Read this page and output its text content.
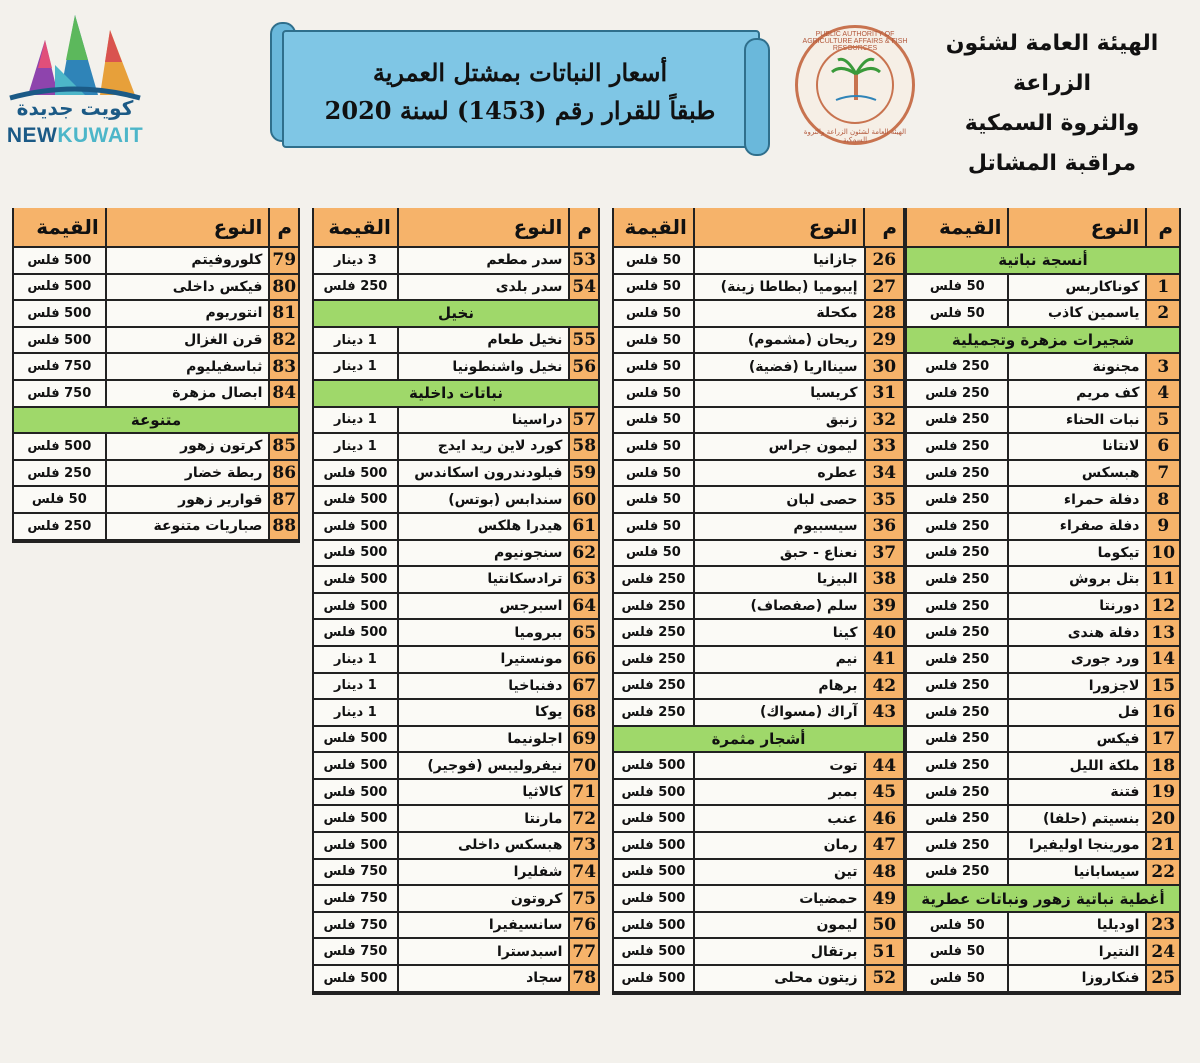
كويت جديدة
NEWKUWAIT
أسعار النباتات بمشتل العمرية
طبقاً للقرار رقم (1453) لسنة 2020
PUBLIC AUTHORITY OF AGRICULTURE AFFAIRS & FISH RESOURCES
الهيئة العامة لشئون الزراعة والثروة السمكية
الهيئة العامة لشئون الزراعة
والثروة السمكية
مراقبة المشاتل
م
النوع
القيمة
أنسجة نباتية
1
كوناكاربس
50 فلس
2
ياسمين كاذب
50 فلس
شجيرات مزهرة وتجميلية
3
مجنونة
250 فلس
4
كف مريم
250 فلس
5
نبات الحناء
250 فلس
6
لانتانا
250 فلس
7
هبسكس
250 فلس
8
دفلة حمراء
250 فلس
9
دفلة صفراء
250 فلس
10
تيكوما
250 فلس
11
بتل بروش
250 فلس
12
دورنتا
250 فلس
13
دفلة هندى
250 فلس
14
ورد جورى
250 فلس
15
لاجزورا
250 فلس
16
فل
250 فلس
17
فيكس
250 فلس
18
ملكة الليل
250 فلس
19
فتنة
250 فلس
20
بنسيتم (حلفا)
250 فلس
21
مورينجا اوليفيرا
250 فلس
22
سيسابانيا
250 فلس
أغطية نباتية زهور ونباتات عطرية
23
اوديليا
50 فلس
24
النتيرا
50 فلس
25
فنكاروزا
50 فلس
م
النوع
القيمة
26
جازانيا
50 فلس
27
إيبوميا (بطاطا زينة)
50 فلس
28
مكحلة
50 فلس
29
ريحان (مشموم)
50 فلس
30
سينااريا (فضية)
50 فلس
31
كريسيا
50 فلس
32
زنبق
50 فلس
33
ليمون جراس
50 فلس
34
عطره
50 فلس
35
حصى لبان
50 فلس
36
سيسبيوم
50 فلس
37
نعناع - حبق
50 فلس
38
البيزيا
250 فلس
39
سلم (صفصاف)
250 فلس
40
كينا
250 فلس
41
نيم
250 فلس
42
برهام
250 فلس
43
آراك (مسواك)
250 فلس
أشجار مثمرة
44
توت
500 فلس
45
بمبر
500 فلس
46
عنب
500 فلس
47
رمان
500 فلس
48
تين
500 فلس
49
حمضيات
500 فلس
50
ليمون
500 فلس
51
برتقال
500 فلس
52
زيتون محلى
500 فلس
م
النوع
القيمة
53
سدر مطعم
3 دينار
54
سدر بلدى
250 فلس
نخيل
55
نخيل طعام
1 دينار
56
نخيل واشنطونيا
1 دينار
نباتات داخلية
57
دراسينا
1 دينار
58
كورد لاين ريد ايدج
1 دينار
59
فيلودندرون اسكاندس
500 فلس
60
سندابس (بوتس)
500 فلس
61
هيدرا هلكس
500 فلس
62
سنجونيوم
500 فلس
63
ترادسكانتيا
500 فلس
64
اسبرجس
500 فلس
65
ببروميا
500 فلس
66
مونستيرا
1 دينار
67
دفنباخيا
1 دينار
68
يوكا
1 دينار
69
اجلونيما
500 فلس
70
نيفروليبس (فوجير)
500 فلس
71
كالاثيا
500 فلس
72
مارنتا
500 فلس
73
هبسكس داخلى
500 فلس
74
شفليرا
750 فلس
75
كروتون
750 فلس
76
سانسيفيرا
750 فلس
77
اسبدسترا
750 فلس
78
سجاد
500 فلس
م
النوع
القيمة
79
كلوروفيتم
500 فلس
80
فيكس داخلى
500 فلس
81
انتوريوم
500 فلس
82
قرن الغزال
500 فلس
83
ثباسفيليوم
750 فلس
84
ابصال مزهرة
750 فلس
متنوعة
85
كرتون زهور
500 فلس
86
ربطة خضار
250 فلس
87
قوارير زهور
50 فلس
88
صباريات متنوعة
250 فلس
